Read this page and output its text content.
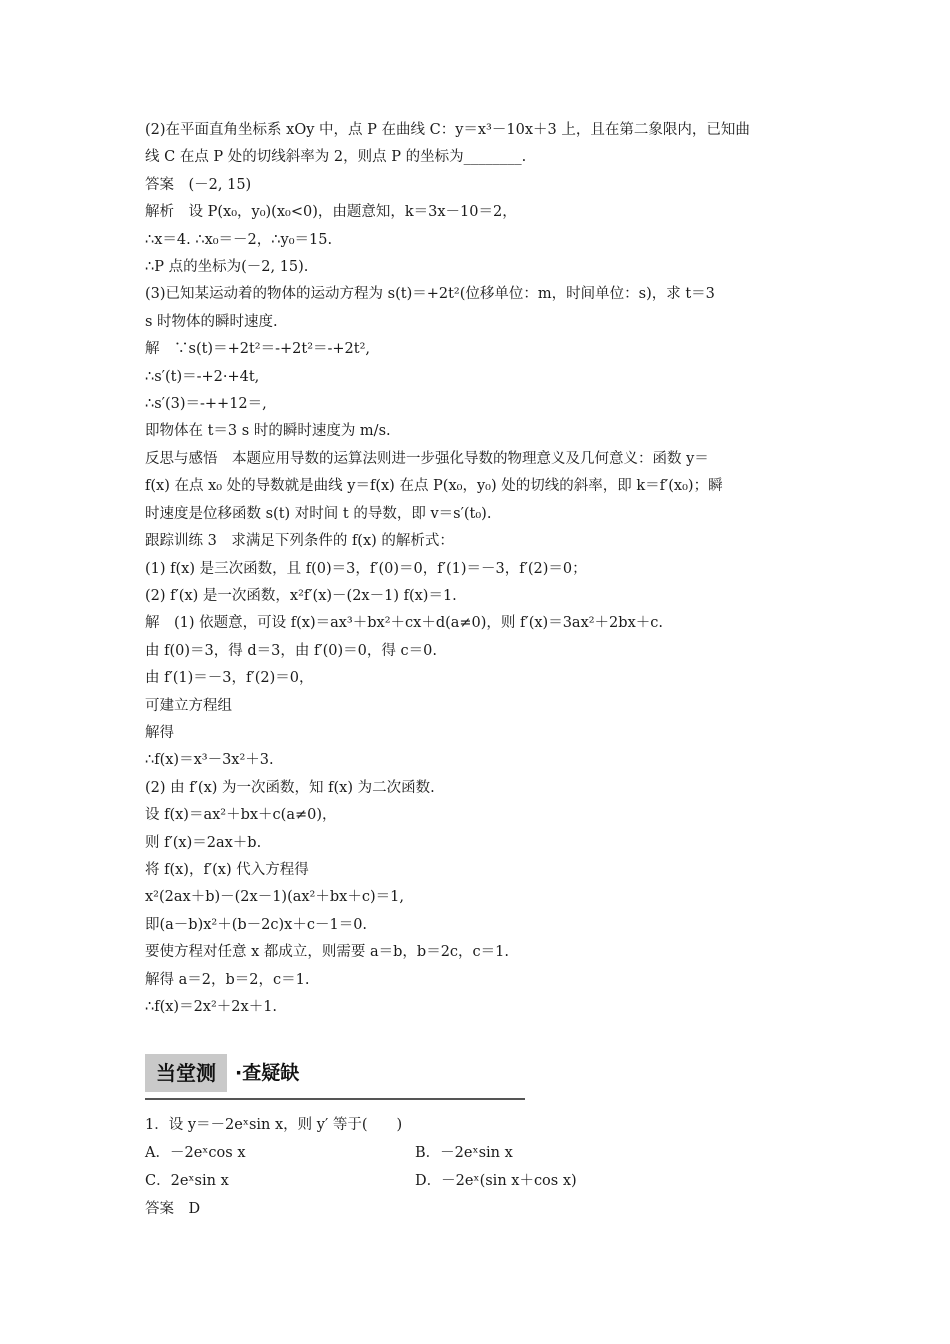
(2)在平面直角坐标系 xOy 中，点 P 在曲线 C：y＝x³－10x＋3 上，且在第二象限内，已知曲
线 C 在点 P 处的切线斜率为 2，则点 P 的坐标为________.
答案　(－2, 15)
解析　设 P(x₀，y₀)(x₀<0)，由题意知，k＝3x－10＝2，
∴x＝4. ∴x₀＝－2，∴y₀＝15.
∴P 点的坐标为(－2, 15).
(3)已知某运动着的物体的运动方程为 s(t)＝+2t²(位移单位：m，时间单位：s)，求 t＝3
s 时物体的瞬时速度.
解　∵s(t)＝+2t²＝-+2t²＝-+2t²,
∴s′(t)＝-+2·+4t,
∴s′(3)＝-++12＝,
即物体在 t＝3 s 时的瞬时速度为 m/s.
反思与感悟　本题应用导数的运算法则进一步强化导数的物理意义及几何意义：函数 y＝
f(x) 在点 x₀ 处的导数就是曲线 y＝f(x) 在点 P(x₀，y₀) 处的切线的斜率，即 k＝f′(x₀)；瞬
时速度是位移函数 s(t) 对时间 t 的导数，即 v＝s′(t₀).
跟踪训练 3　求满足下列条件的 f(x) 的解析式：
(1) f(x) 是三次函数，且 f(0)＝3，f′(0)＝0，f′(1)＝－3，f′(2)＝0；
(2) f′(x) 是一次函数，x²f′(x)－(2x－1) f(x)＝1.
解　(1) 依题意，可设 f(x)＝ax³＋bx²＋cx＋d(a≠0)，则 f′(x)＝3ax²＋2bx＋c.
由 f(0)＝3，得 d＝3，由 f′(0)＝0，得 c＝0.
由 f′(1)＝－3，f′(2)＝0，
可建立方程组
解得
∴f(x)＝x³－3x²＋3.
(2) 由 f′(x) 为一次函数，知 f(x) 为二次函数.
设 f(x)＝ax²＋bx＋c(a≠0)，
则 f′(x)＝2ax＋b.
将 f(x)，f′(x) 代入方程得
x²(2ax＋b)－(2x－1)(ax²＋bx＋c)＝1,
即(a－b)x²＋(b－2c)x＋c－1＝0.
要使方程对任意 x 都成立，则需要 a＝b，b＝2c，c＝1.
解得 a＝2，b＝2，c＝1.
∴f(x)＝2x²＋2x＋1.
当堂测	·查疑缺
1．设 y＝－2eˣsin x，则 y′ 等于(　　)
A．－2eˣcos x	B．－2eˣsin x
C．2eˣsin x	D．－2eˣ(sin x＋cos x)
答案　D
